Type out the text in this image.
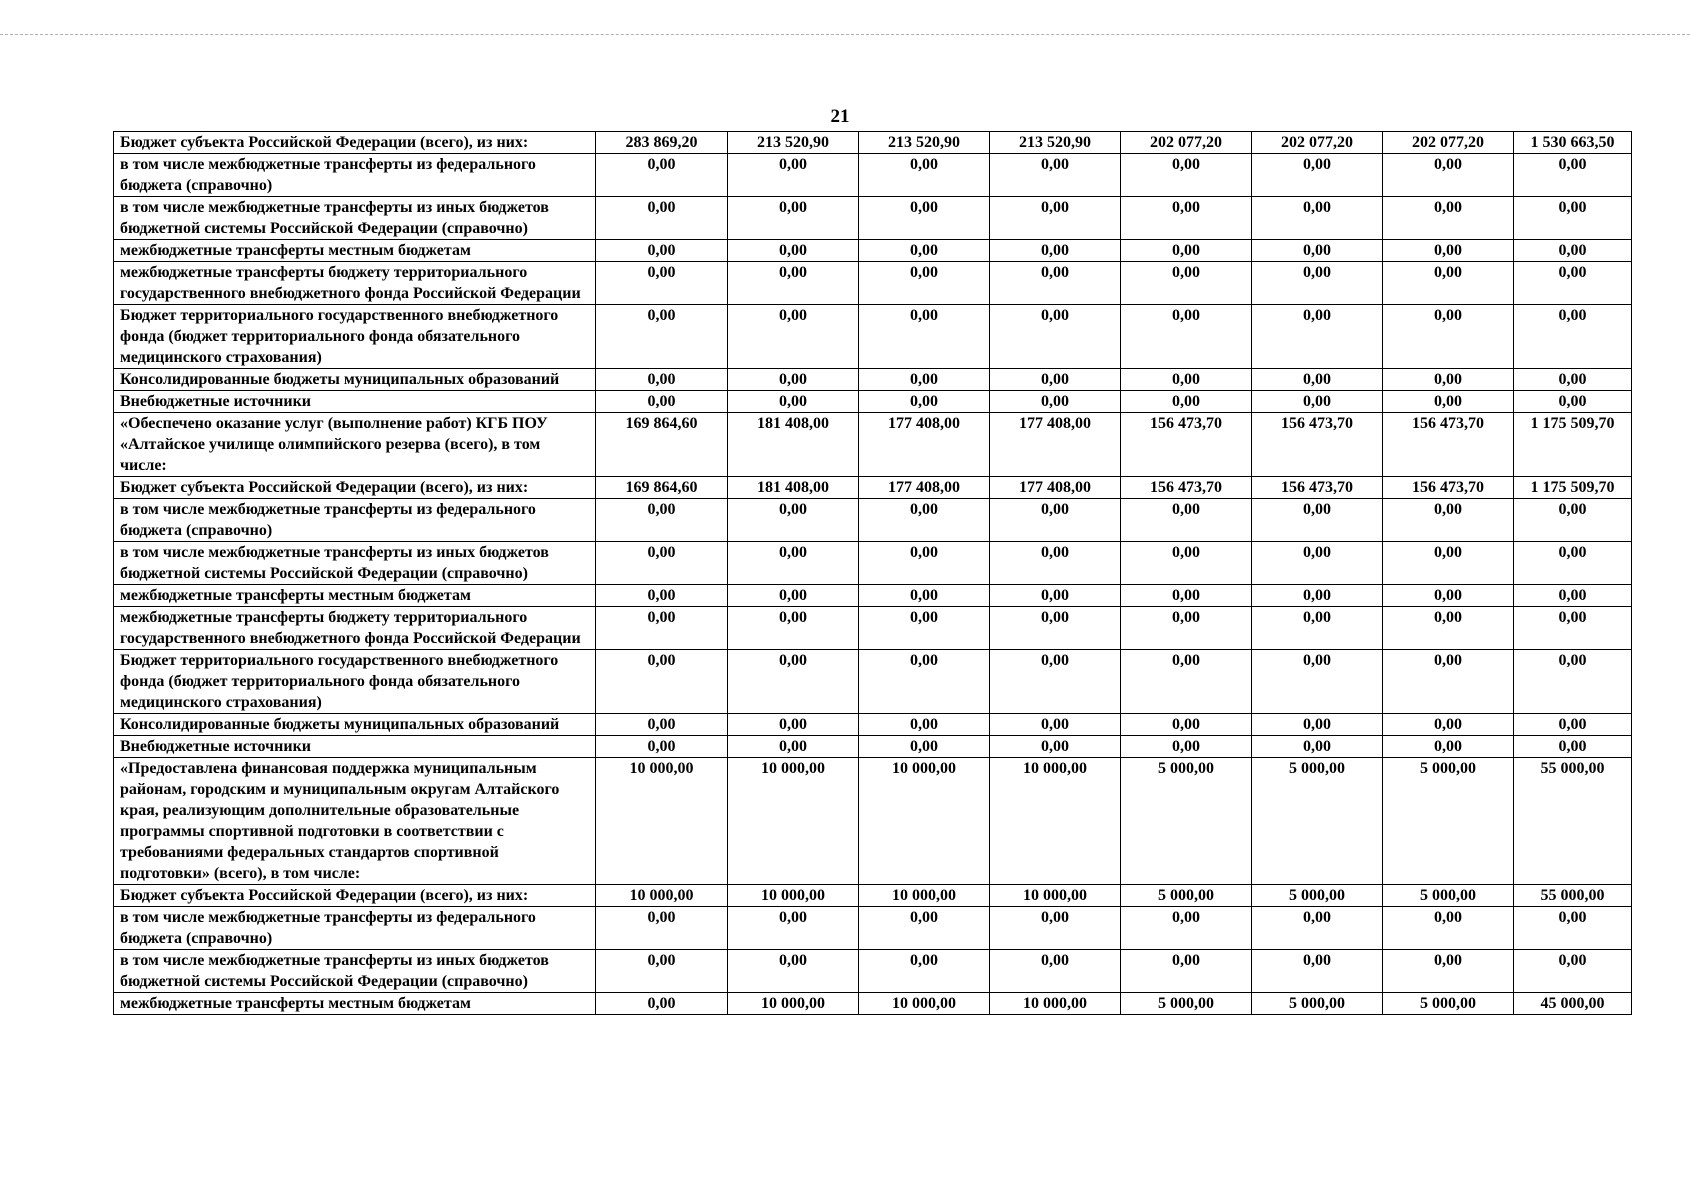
21
Бюджет субъекта Российской Федерации (всего), из них:	283 869,20	213 520,90	213 520,90	213 520,90	202 077,20	202 077,20	202 077,20	1 530 663,50
в том числе межбюджетные трансферты из федерального бюджета (справочно)	0,00	0,00	0,00	0,00	0,00	0,00	0,00	0,00
в том числе межбюджетные трансферты из иных бюджетов бюджетной системы Российской Федерации (справочно)	0,00	0,00	0,00	0,00	0,00	0,00	0,00	0,00
межбюджетные трансферты местным бюджетам	0,00	0,00	0,00	0,00	0,00	0,00	0,00	0,00
межбюджетные трансферты бюджету территориального государственного внебюджетного фонда Российской Федерации	0,00	0,00	0,00	0,00	0,00	0,00	0,00	0,00
Бюджет территориального государственного внебюджетного фонда (бюджет территориального фонда обязательного медицинского страхования)	0,00	0,00	0,00	0,00	0,00	0,00	0,00	0,00
Консолидированные бюджеты муниципальных образований	0,00	0,00	0,00	0,00	0,00	0,00	0,00	0,00
Внебюджетные источники	0,00	0,00	0,00	0,00	0,00	0,00	0,00	0,00
«Обеспечено оказание услуг (выполнение работ) КГБ ПОУ «Алтайское училище олимпийского резерва (всего), в том числе:	169 864,60	181 408,00	177 408,00	177 408,00	156 473,70	156 473,70	156 473,70	1 175 509,70
Бюджет субъекта Российской Федерации (всего), из них:	169 864,60	181 408,00	177 408,00	177 408,00	156 473,70	156 473,70	156 473,70	1 175 509,70
в том числе межбюджетные трансферты из федерального бюджета (справочно)	0,00	0,00	0,00	0,00	0,00	0,00	0,00	0,00
в том числе межбюджетные трансферты из иных бюджетов бюджетной системы Российской Федерации (справочно)	0,00	0,00	0,00	0,00	0,00	0,00	0,00	0,00
межбюджетные трансферты местным бюджетам	0,00	0,00	0,00	0,00	0,00	0,00	0,00	0,00
межбюджетные трансферты бюджету территориального государственного внебюджетного фонда Российской Федерации	0,00	0,00	0,00	0,00	0,00	0,00	0,00	0,00
Бюджет территориального государственного внебюджетного фонда (бюджет территориального фонда обязательного медицинского страхования)	0,00	0,00	0,00	0,00	0,00	0,00	0,00	0,00
Консолидированные бюджеты муниципальных образований	0,00	0,00	0,00	0,00	0,00	0,00	0,00	0,00
Внебюджетные источники	0,00	0,00	0,00	0,00	0,00	0,00	0,00	0,00
«Предоставлена финансовая поддержка муниципальным районам, городским и муниципальным округам Алтайского края, реализующим дополнительные образовательные программы спортивной подготовки в соответствии с требованиями федеральных стандартов спортивной подготовки» (всего), в том числе:	10 000,00	10 000,00	10 000,00	10 000,00	5 000,00	5 000,00	5 000,00	55 000,00
Бюджет субъекта Российской Федерации (всего), из них:	10 000,00	10 000,00	10 000,00	10 000,00	5 000,00	5 000,00	5 000,00	55 000,00
в том числе межбюджетные трансферты из федерального бюджета (справочно)	0,00	0,00	0,00	0,00	0,00	0,00	0,00	0,00
в том числе межбюджетные трансферты из иных бюджетов бюджетной системы Российской Федерации (справочно)	0,00	0,00	0,00	0,00	0,00	0,00	0,00	0,00
межбюджетные трансферты местным бюджетам	0,00	10 000,00	10 000,00	10 000,00	5 000,00	5 000,00	5 000,00	45 000,00
